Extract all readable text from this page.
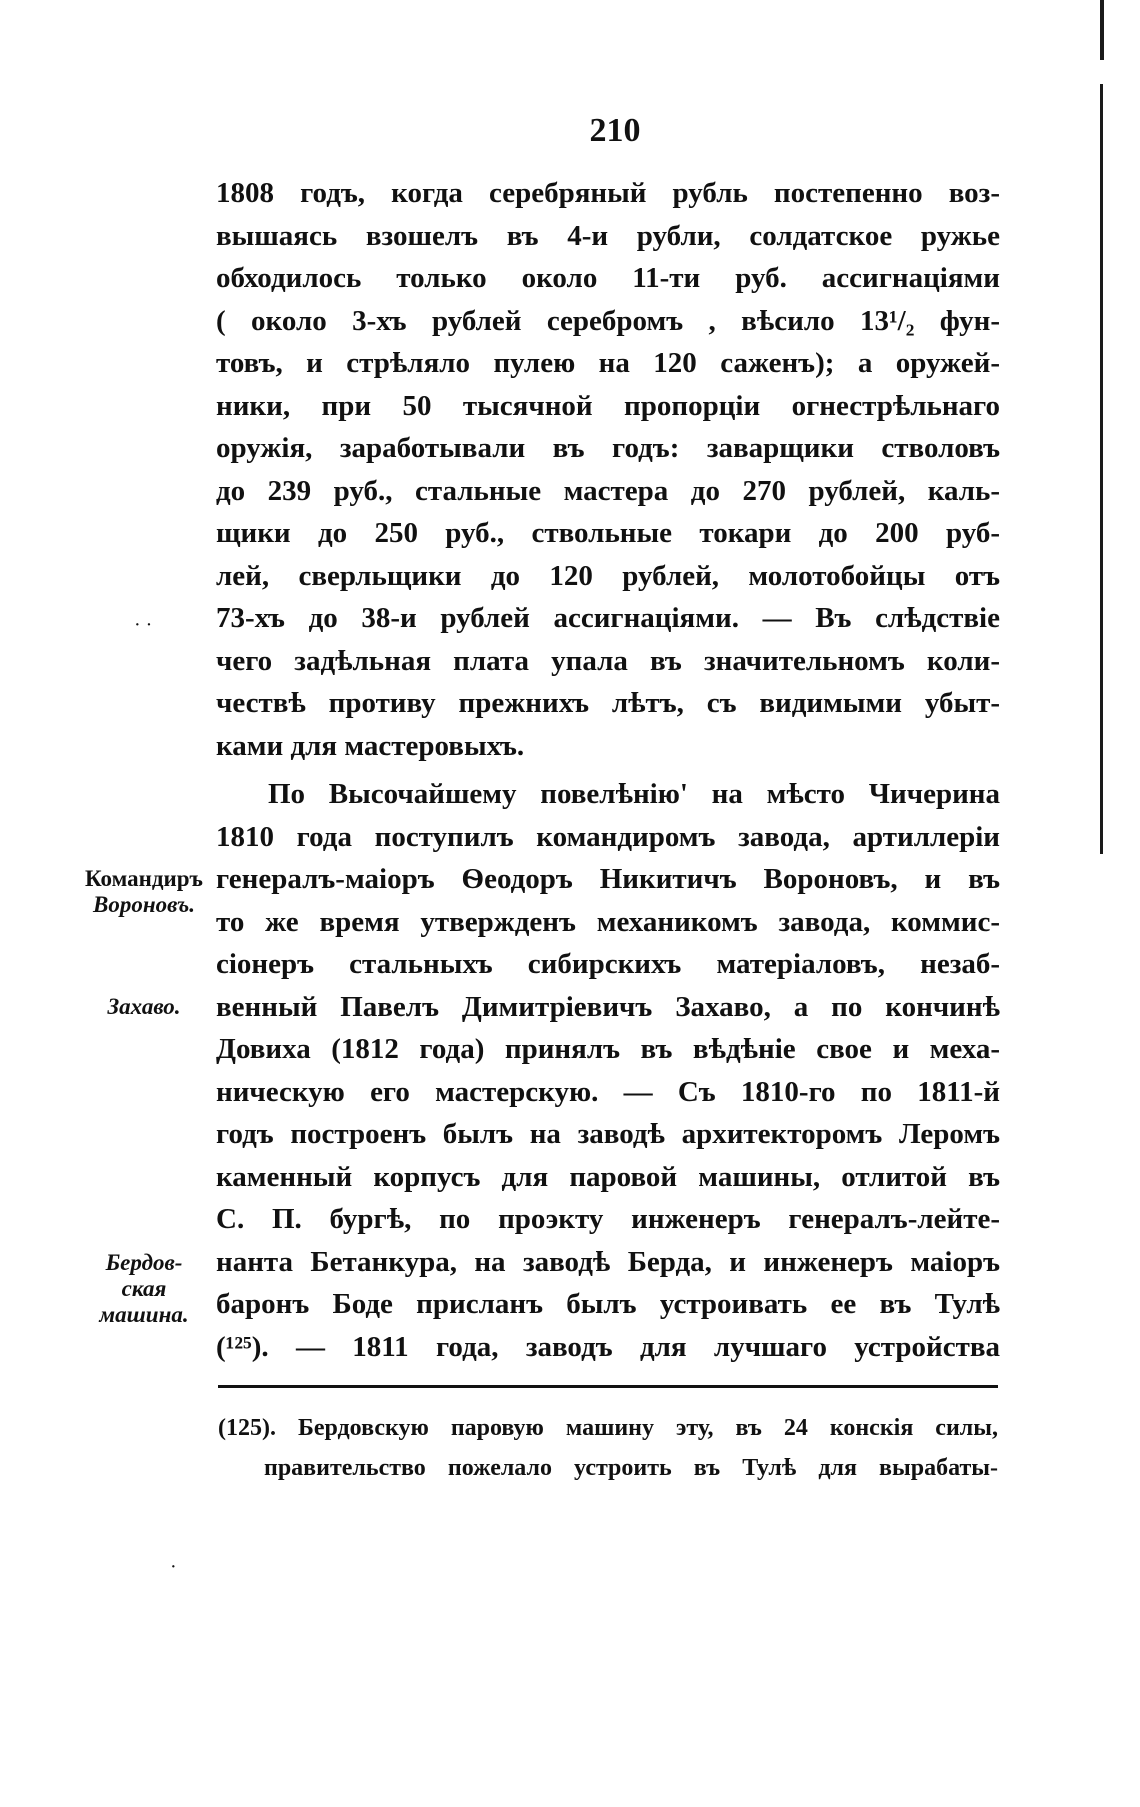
210
1808 годъ, когда серебряный рубль постепенно воз-
вышаясь взошелъ въ 4-и рубли, солдатское ружье
обходилось только около 11-ти руб. ассигнаціями
( около 3-хъ рублей серебромъ , вѣсило 13¹/₂ фун-
товъ, и стрѣляло пулею на 120 саженъ); а оружей-
ники, при 50 тысячной пропорціи огнестрѣльнаго
оружія, заработывали въ годъ: заварщики стволовъ
до 239 руб., стальные мастера до 270 рублей, каль-
щики до 250 руб., ствольные токари до 200 руб-
лей, сверльщики до 120 рублей, молотобойцы отъ
73-хъ до 38-и рублей ассигнаціями. — Въ слѣдствіе
чего задѣльная плата упала въ значительномъ коли-
чествѣ противу прежнихъ лѣтъ, съ видимыми убыт-
ками для мастеровыхъ.
По Высочайшему повелѣнію' на мѣсто Чичерина
1810 года поступилъ командиромъ завода, артиллеріи
генералъ-маіоръ Ѳеодоръ Никитичъ Вороновъ, и въ
то же время утвержденъ механикомъ завода, коммис-
сіонеръ стальныхъ сибирскихъ матеріаловъ, незаб-
венный Павелъ Димитріевичъ Захаво, а по кончинѣ
Довиха (1812 года) принялъ въ вѣдѣніе свое и меха-
ническую его мастерскую. — Съ 1810-го по 1811-й
годъ построенъ былъ на заводѣ архитекторомъ Леромъ
каменный корпусъ для паровой машины, отлитой въ
С. П. бургѣ, по проэкту инженеръ генералъ-лейте-
нанта Бетанкура, на заводѣ Берда, и инженеръ маіоръ
баронъ Боде присланъ былъ устроивать ее въ Тулѣ
(¹²⁵). — 1811 года, заводъ для лучшаго устройства
· ·
Командиръ
Вороновъ.
Захаво.
Бердов-
ская
машина.
(125). Бердовскую паровую машину эту, въ 24 конскія силы,
правительство пожелало устроить въ Тулѣ для вырабаты-
·
